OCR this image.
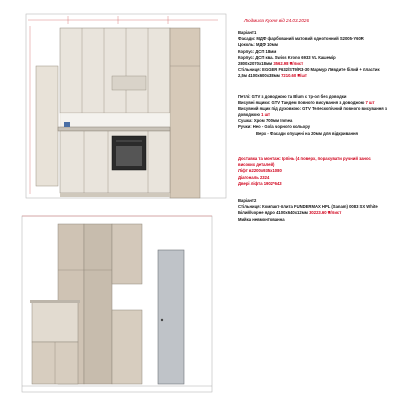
Людмила Кухня від 24.03.2026

Варіант1

Фасади: МДФ фарбований матовий однотонний S2005-Y60R

Цоколь: МДФ 10мм

Корпус: ДСП 18мм

Корпус: ДСП ква. Swiss Krono 6933 VL Кашемір

2800x2070x18мм 3562.98 ₴/лист

Стільниця: EGGER F632/ST9/R3-30 Мармур Лявдите білий + пластик

2,5м 4100x600x38мм 7210.60 ₴/шт

Петлі: GTV з доводжою та Blum с тр-ол без доводки

Висувні ящики: GTV Тандем повного висування з доводжою 7 шт

Висувний ящик під духовкою: GTV Телескопічний повного висування з доводжою 1 шт

Сушка: Хром 700мм Inmea

Ручки: Нео - Gola чорного кольору

Верх - Фасади опущені на 20мм для відкривання

Доставка та монтаж: Ірпінь (4 поверх, порахувати ручний занос

високих деталей)

Ліфт в2200х935х1080

Діагональ 2324

Двері ліфта 1902*643

Варіант2

Стільниця: Компакт-плита FUNDERMAX HPL (Sanam) 0083 SX White

Білий/чорне ядро 4100x640x12мм 30223.60 ₴/лист

Мийка невмонтованна
